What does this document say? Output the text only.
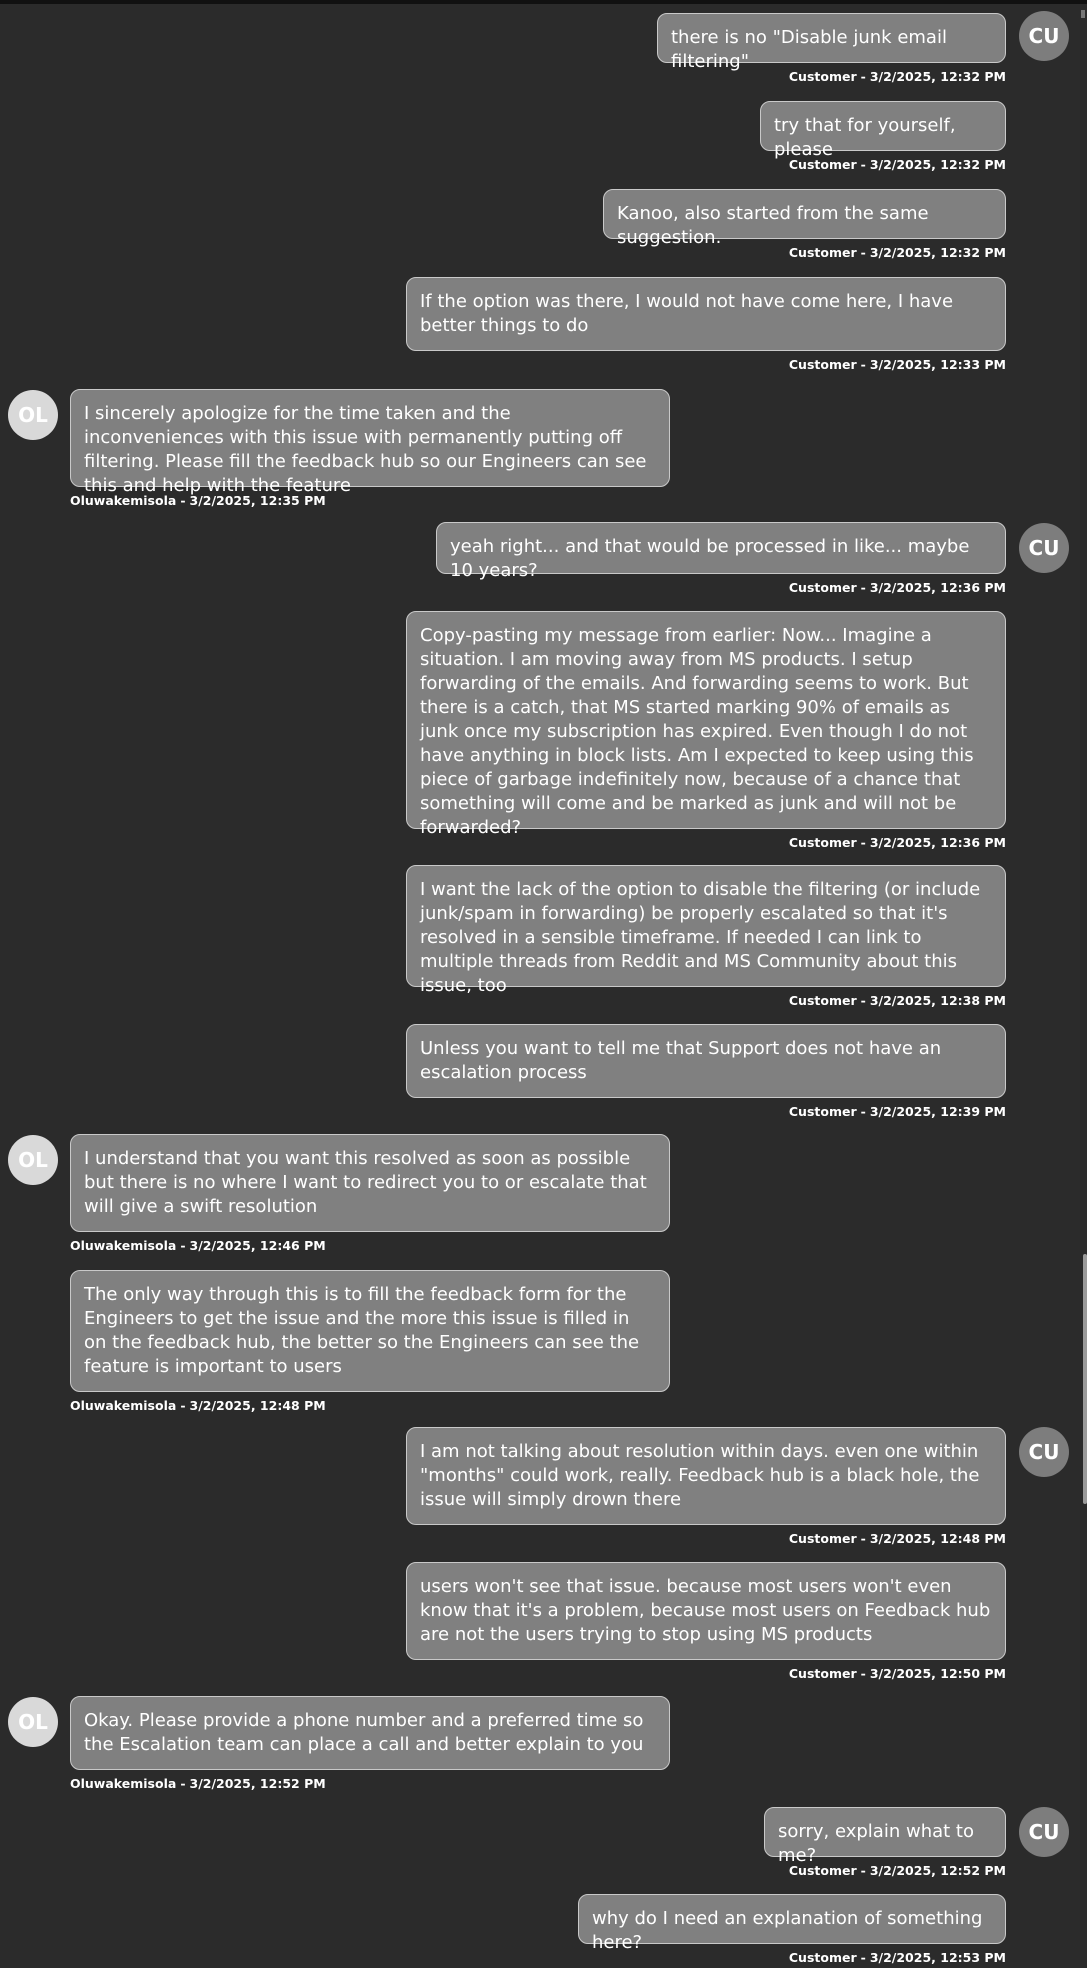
CU
CU
CU
CU
OL
OL
OL
there is no "Disable junk email filtering"
Customer - 3/2/2025, 12:32 PM
try that for yourself, please
Customer - 3/2/2025, 12:32 PM
Kanoo, also started from the same suggestion.
Customer - 3/2/2025, 12:32 PM
If the option was there, I would not have come here, I have better things to do
Customer - 3/2/2025, 12:33 PM
I sincerely apologize for the time taken and the inconveniences with this issue with permanently putting off filtering. Please fill the feedback hub so our Engineers can see this and help with the feature
Oluwakemisola - 3/2/2025, 12:35 PM
yeah right... and that would be processed in like... maybe 10 years?
Customer - 3/2/2025, 12:36 PM
Copy-pasting my message from earlier: Now... Imagine a situation. I am moving away from MS products. I setup forwarding of the emails. And forwarding seems to work. But there is a catch, that MS started marking 90% of emails as junk once my subscription has expired. Even though I do not have anything in block lists. Am I expected to keep using this piece of garbage indefinitely now, because of a chance that something will come and be marked as junk and will not be forwarded?
Customer - 3/2/2025, 12:36 PM
I want the lack of the option to disable the filtering (or include junk/spam in forwarding) be properly escalated so that it's resolved in a sensible timeframe. If needed I can link to multiple threads from Reddit and MS Community about this issue, too
Customer - 3/2/2025, 12:38 PM
Unless you want to tell me that Support does not have an escalation process
Customer - 3/2/2025, 12:39 PM
I understand that you want this resolved as soon as possible but there is no where I want to redirect you to or escalate that will give a swift resolution
Oluwakemisola - 3/2/2025, 12:46 PM
The only way through this is to fill the feedback form for the Engineers to get the issue and the more this issue is filled in on the feedback hub, the better so the Engineers can see the feature is important to users
Oluwakemisola - 3/2/2025, 12:48 PM
I am not talking about resolution within days. even one within "months" could work, really. Feedback hub is a black hole, the issue will simply drown there
Customer - 3/2/2025, 12:48 PM
users won't see that issue. because most users won't even know that it's a problem, because most users on Feedback hub are not the users trying to stop using MS products
Customer - 3/2/2025, 12:50 PM
Okay. Please provide a phone number and a preferred time so the Escalation team can place a call and better explain to you
Oluwakemisola - 3/2/2025, 12:52 PM
sorry, explain what to me?
Customer - 3/2/2025, 12:52 PM
why do I need an explanation of something here?
Customer - 3/2/2025, 12:53 PM
